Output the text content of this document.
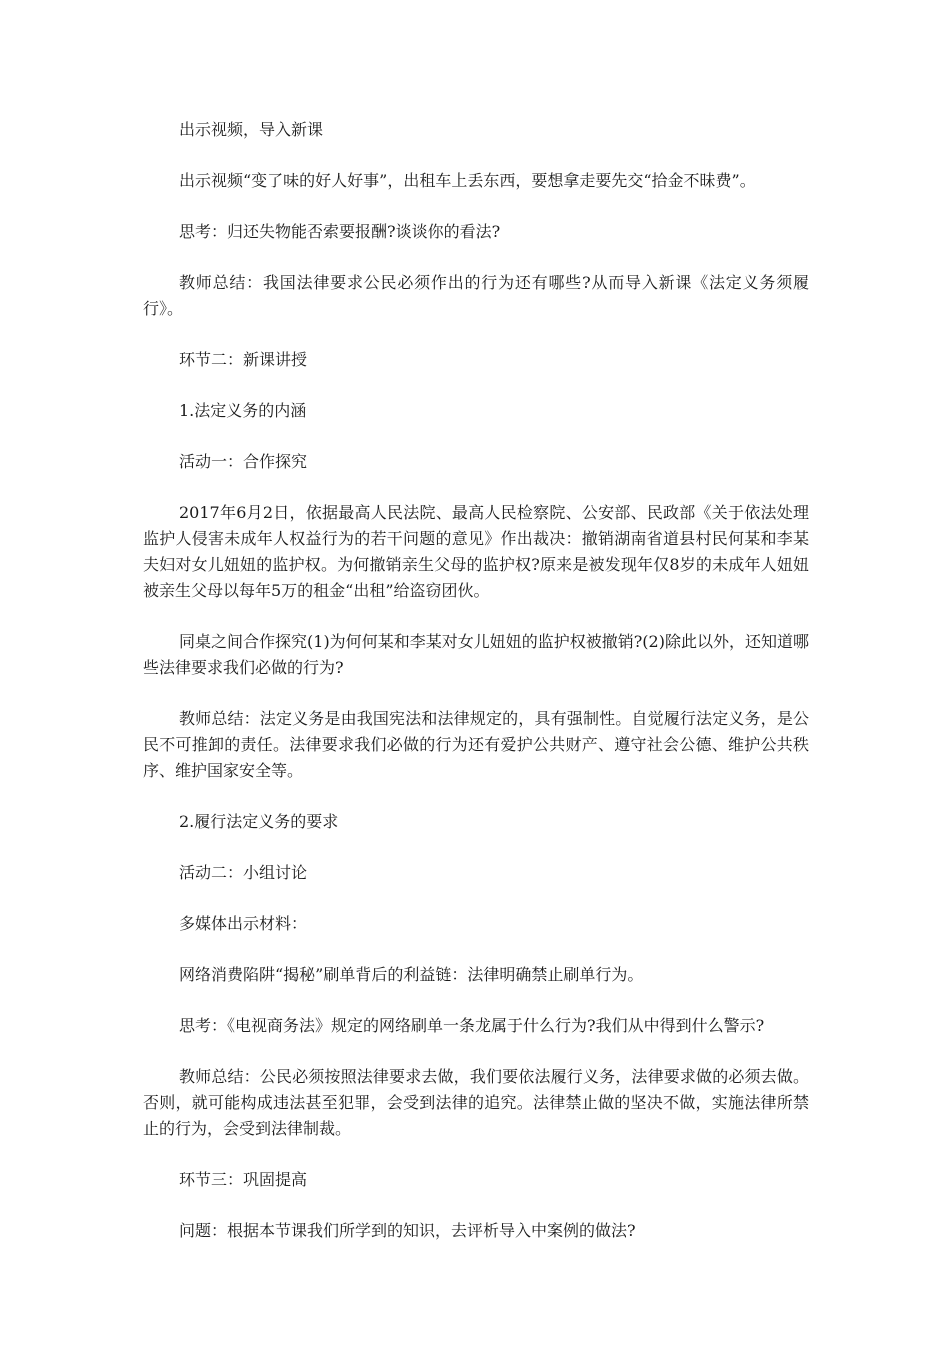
出示视频，导入新课

出示视频“变了味的好人好事”，出租车上丢东西，要想拿走要先交“拾金不昧费”。

思考：归还失物能否索要报酬?谈谈你的看法?

教师总结：我国法律要求公民必须作出的行为还有哪些?从而导入新课《法定义务须履行》。

环节二：新课讲授

1.法定义务的内涵

活动一：合作探究

2017年6月2日，依据最高人民法院、最高人民检察院、公安部、民政部《关于依法处理监护人侵害未成年人权益行为的若干问题的意见》作出裁决：撤销湖南省道县村民何某和李某夫妇对女儿妞妞的监护权。为何撤销亲生父母的监护权?原来是被发现年仅8岁的未成年人妞妞被亲生父母以每年5万的租金“出租”给盗窃团伙。

同桌之间合作探究(1)为何何某和李某对女儿妞妞的监护权被撤销?(2)除此以外，还知道哪些法律要求我们必做的行为?

教师总结：法定义务是由我国宪法和法律规定的，具有强制性。自觉履行法定义务，是公民不可推卸的责任。法律要求我们必做的行为还有爱护公共财产、遵守社会公德、维护公共秩序、维护国家安全等。

2.履行法定义务的要求

活动二：小组讨论

多媒体出示材料：

网络消费陷阱“揭秘”刷单背后的利益链：法律明确禁止刷单行为。

思考：《电视商务法》规定的网络刷单一条龙属于什么行为?我们从中得到什么警示?

教师总结：公民必须按照法律要求去做，我们要依法履行义务，法律要求做的必须去做。否则，就可能构成违法甚至犯罪，会受到法律的追究。法律禁止做的坚决不做，实施法律所禁止的行为，会受到法律制裁。

环节三：巩固提高

问题：根据本节课我们所学到的知识，去评析导入中案例的做法?
